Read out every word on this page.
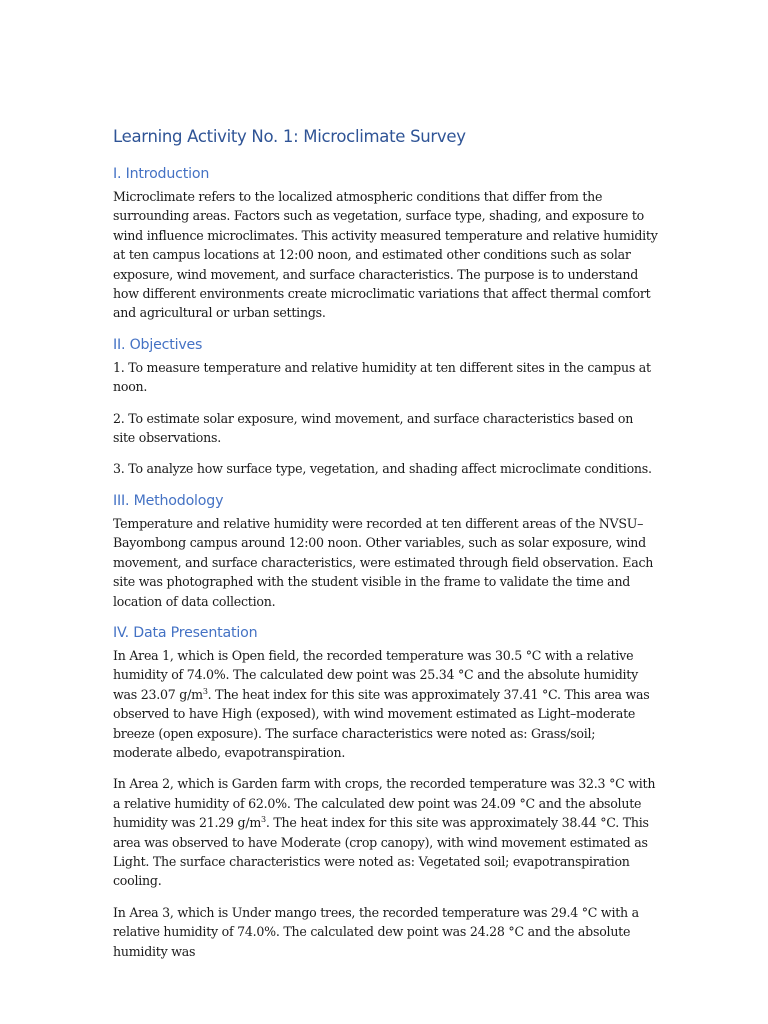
Learning Activity No. 1: Microclimate Survey
I. Introduction

Microclimate refers to the localized atmospheric conditions that differ from the surrounding areas. Factors such as vegetation, surface type, shading, and exposure to wind influence microclimates. This activity measured temperature and relative humidity at ten campus locations at 12:00 noon, and estimated other conditions such as solar exposure, wind movement, and surface characteristics. The purpose is to understand how different environments create microclimatic variations that affect thermal comfort and agricultural or urban settings.

II. Objectives

1. To measure temperature and relative humidity at ten different sites in the campus at noon.

2. To estimate solar exposure, wind movement, and surface characteristics based on site observations.

3. To analyze how surface type, vegetation, and shading affect microclimate conditions.

III. Methodology

Temperature and relative humidity were recorded at ten different areas of the NVSU–Bayombong campus around 12:00 noon. Other variables, such as solar exposure, wind movement, and surface characteristics, were estimated through field observation. Each site was photographed with the student visible in the frame to validate the time and location of data collection.

IV. Data Presentation

In Area 1, which is Open field, the recorded temperature was 30.5 °C with a relative humidity of 74.0%. The calculated dew point was 25.34 °C and the absolute humidity was 23.07 $g/m^3$. The heat index for this site was approximately 37.41 °C. This area was observed to have High (exposed), with wind movement estimated as Light–moderate breeze (open exposure). The surface characteristics were noted as: Grass/soil; moderate albedo, evapotranspiration.

In Area 2, which is Garden farm with crops, the recorded temperature was 32.3 °C with a relative humidity of 62.0%. The calculated dew point was 24.09 °C and the absolute humidity was 21.29 $g/m^3$. The heat index for this site was approximately 38.44 °C. This area was observed to have Moderate (crop canopy), with wind movement estimated as Light. The surface characteristics were noted as: Vegetated soil; evapotranspiration cooling.

In Area 3, which is Under mango trees, the recorded temperature was 29.4 °C with a relative humidity of 74.0%. The calculated dew point was 24.28 °C and the absolute humidity was
